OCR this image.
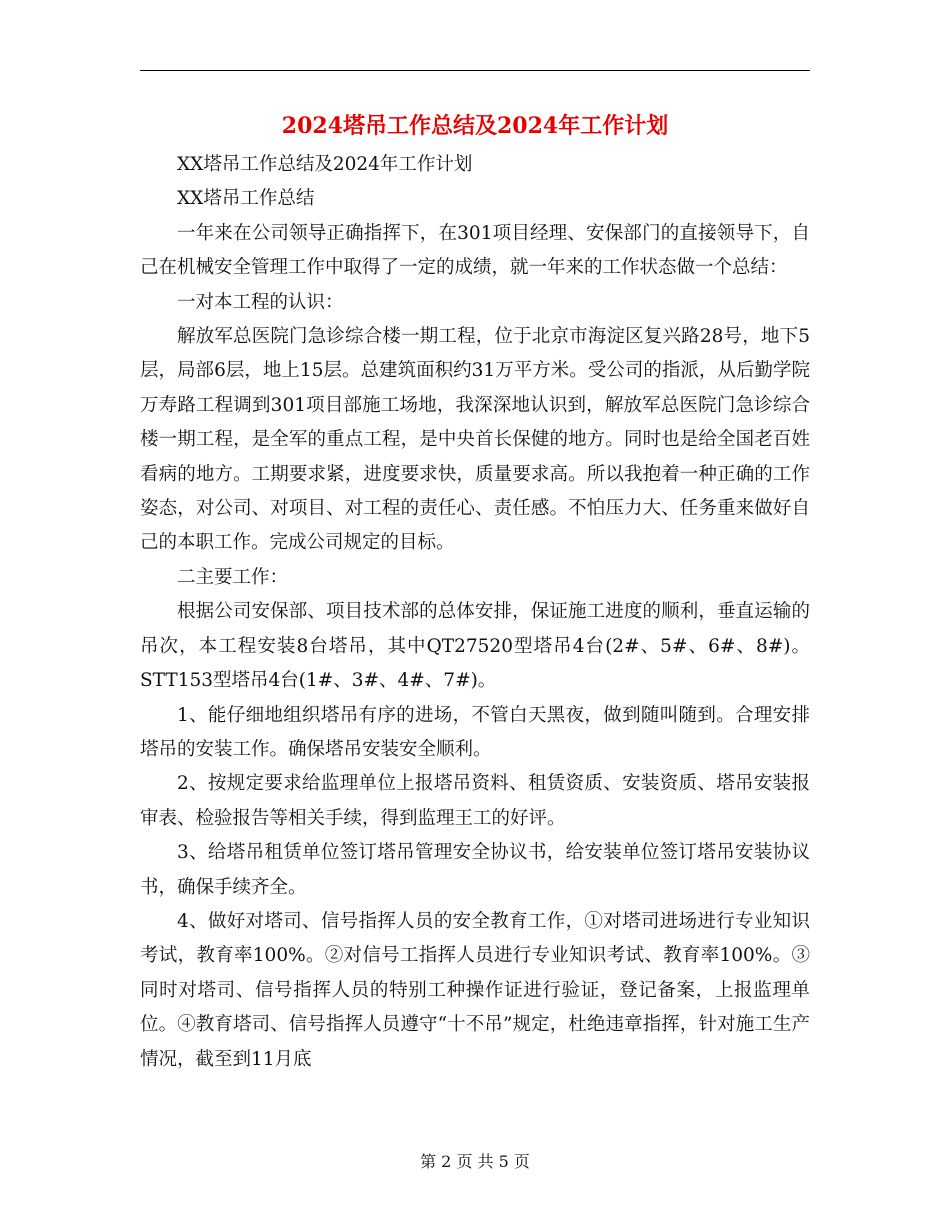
2024塔吊工作总结及2024年工作计划

XX塔吊工作总结及2024年工作计划

XX塔吊工作总结

一年来在公司领导正确指挥下，在301项目经理、安保部门的直接领导下，自己在机械安全管理工作中取得了一定的成绩，就一年来的工作状态做一个总结：

一对本工程的认识：

解放军总医院门急诊综合楼一期工程，位于北京市海淀区复兴路28号，地下5层，局部6层，地上15层。总建筑面积约31万平方米。受公司的指派，从后勤学院万寿路工程调到301项目部施工场地，我深深地认识到，解放军总医院门急诊综合楼一期工程，是全军的重点工程，是中央首长保健的地方。同时也是给全国老百姓看病的地方。工期要求紧，进度要求快，质量要求高。所以我抱着一种正确的工作姿态，对公司、对项目、对工程的责任心、责任感。不怕压力大、任务重来做好自己的本职工作。完成公司规定的目标。

二主要工作：

根据公司安保部、项目技术部的总体安排，保证施工进度的顺利，垂直运输的吊次，本工程安装8台塔吊，其中QT27520型塔吊4台(2#、5#、6#、8#)。STT153型塔吊4台(1#、3#、4#、7#)。

1、能仔细地组织塔吊有序的进场，不管白天黑夜，做到随叫随到。合理安排塔吊的安装工作。确保塔吊安装安全顺利。

2、按规定要求给监理单位上报塔吊资料、租赁资质、安装资质、塔吊安装报审表、检验报告等相关手续，得到监理王工的好评。

3、给塔吊租赁单位签订塔吊管理安全协议书，给安装单位签订塔吊安装协议书，确保手续齐全。

4、做好对塔司、信号指挥人员的安全教育工作，①对塔司进场进行专业知识考试，教育率100%。②对信号工指挥人员进行专业知识考试、教育率100%。③同时对塔司、信号指挥人员的特别工种操作证进行验证，登记备案，上报监理单位。④教育塔司、信号指挥人员遵守“十不吊”规定，杜绝违章指挥，针对施工生产情况，截至到11月底

第 2 页 共 5 页
